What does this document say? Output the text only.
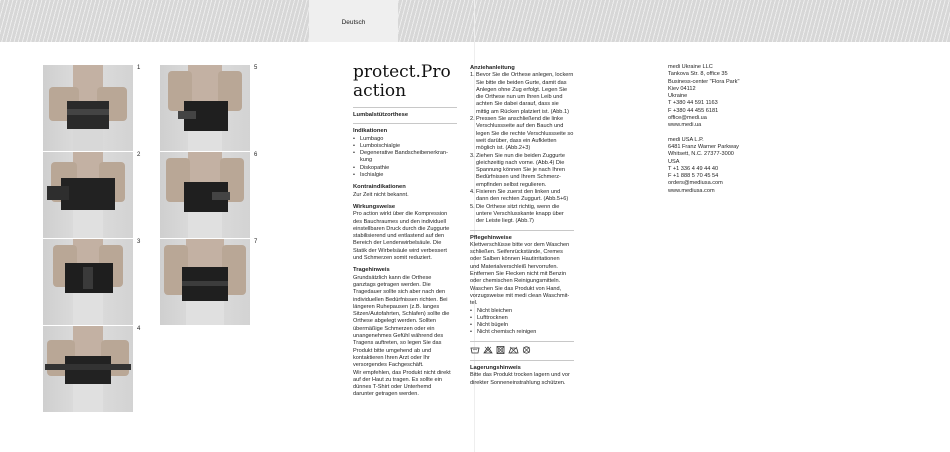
Deutsch
1
2
3
4
5
6
7
protect.Pro
action
Lumbalstützorthese
Indikationen
• Lumbago
• Lumboischialgie
• Degenerative Bandscheibenerkran-
kung
• Diskopathie
• Ischialgie
Kontraindikationen
Zur Zeit nicht bekannt.
Wirkungsweise
Pro action wirkt über die Kompression
des Bauchraumes und den individuell
einstellbaren Druck durch die Zuggurte
stabilisierend und entlastend auf den
Bereich der Lendenwirbelsäule. Die
Statik der Wirbelsäule wird verbessert
und Schmerzen somit reduziert.
Tragehinweis
Grundsätzlich kann die Orthese
ganztags getragen werden. Die
Tragedauer sollte sich aber nach den
individuellen Bedürfnissen richten. Bei
längeren Ruhepausen (z.B. langes
Sitzen/Autofahrten, Schlafen) sollte die
Orthese abgelegt werden. Sollten
übermäßige Schmerzen oder ein
unangenehmes Gefühl während des
Tragens auftreten, so legen Sie das
Produkt bitte umgehend ab und
kontaktieren Ihren Arzt oder Ihr
versorgendes Fachgeschäft.
Wir empfehlen, das Produkt nicht direkt
auf der Haut zu tragen. Es sollte ein
dünnes T-Shirt oder Unterhemd
darunter getragen werden.
Anziehanleitung
1. Bevor Sie die Orthese anlegen, lockern
Sie bitte die beiden Gurte, damit das
Anlegen ohne Zug erfolgt. Legen Sie
die Orthese nun um Ihren Leib und
achten Sie dabei darauf, dass sie
mittig am Rücken platziert ist. (Abb.1)
2. Pressen Sie anschließend die linke
Verschlussseite auf den Bauch und
legen Sie die rechte Verschlussseite so
weit darüber, dass ein Aufkletten
möglich ist. (Abb.2+3)
3. Ziehen Sie nun die beiden Zuggurte
gleichzeitig nach vorne. (Abb.4) Die
Spannung können Sie je nach Ihren
Bedürfnissen und Ihrem Schmerz-
empfinden selbst regulieren.
4. Fixieren Sie zuerst den linken und
dann den rechten Zuggurt. (Abb.5+6)
5. Die Orthese sitzt richtig, wenn die
untere Verschlusskante knapp über
der Leiste liegt. (Abb.7)
Pflegehinweise
Klettverschlüsse bitte vor dem Waschen
schließen. Seifenrückstände, Cremes
oder Salben können Hautirritationen
und Materialverschleiß hervorrufen.
Entfernen Sie Flecken nicht mit Benzin
oder chemischen Reinigungsmitteln.
Waschen Sie das Produkt von Hand,
vorzugsweise mit medi clean Waschmit-
tel.
• Nicht bleichen
• Lufttrocknen
• Nicht bügeln
• Nicht chemisch reinigen
Lagerungshinweis
Bitte das Produkt trocken lagern und vor
direkter Sonneneinstrahlung schützen.
medi Ukraine LLC
Tankova Str. 8, office 35
Business-center "Flora Park"
Kiev 04112
Ukraine
T +380 44 591 1163
F +380 44 455 6181
office@medi.ua
www.medi.ua
medi USA L.P.
6481 Franz Warner Parkway
Whitsett, N.C. 27377-3000
USA
T +1 336 4 49 44 40
F +1 888 5 70 45 54
orders@mediusa.com
www.mediusa.com
